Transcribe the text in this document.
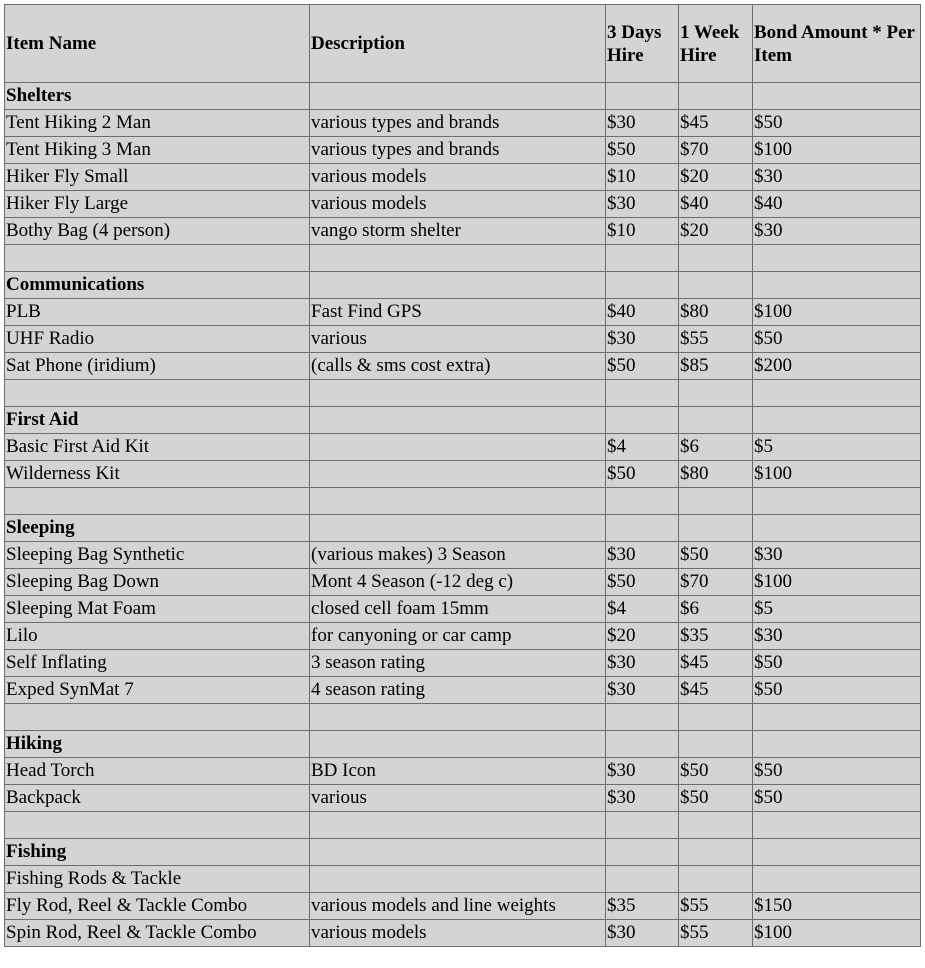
Item Name	Description	3 Days Hire	1 Week Hire	Bond Amount * Per Item
Shelters				
Tent Hiking 2 Man	various types and brands	$30	$45	$50
Tent Hiking 3 Man	various types and brands	$50	$70	$100
Hiker Fly Small	various models	$10	$20	$30
Hiker Fly Large	various models	$30	$40	$40
Bothy Bag (4 person)	vango storm shelter	$10	$20	$30

Communications				
PLB	Fast Find GPS	$40	$80	$100
UHF Radio	various	$30	$55	$50
Sat Phone (iridium)	(calls & sms cost extra)	$50	$85	$200

First Aid				
Basic First Aid Kit		$4	$6	$5
Wilderness Kit		$50	$80	$100

Sleeping				
Sleeping Bag Synthetic	(various makes) 3 Season	$30	$50	$30
Sleeping Bag Down	Mont 4 Season (-12 deg c)	$50	$70	$100
Sleeping Mat Foam	closed cell foam 15mm	$4	$6	$5
Lilo	for canyoning or car camp	$20	$35	$30
Self Inflating	3 season rating	$30	$45	$50
Exped SynMat 7	4 season rating	$30	$45	$50

Hiking				
Head Torch	BD Icon	$30	$50	$50
Backpack	various	$30	$50	$50

Fishing				
Fishing Rods & Tackle				
Fly Rod, Reel & Tackle Combo	various models and line weights	$35	$55	$150
Spin Rod, Reel & Tackle Combo	various models	$30	$55	$100
